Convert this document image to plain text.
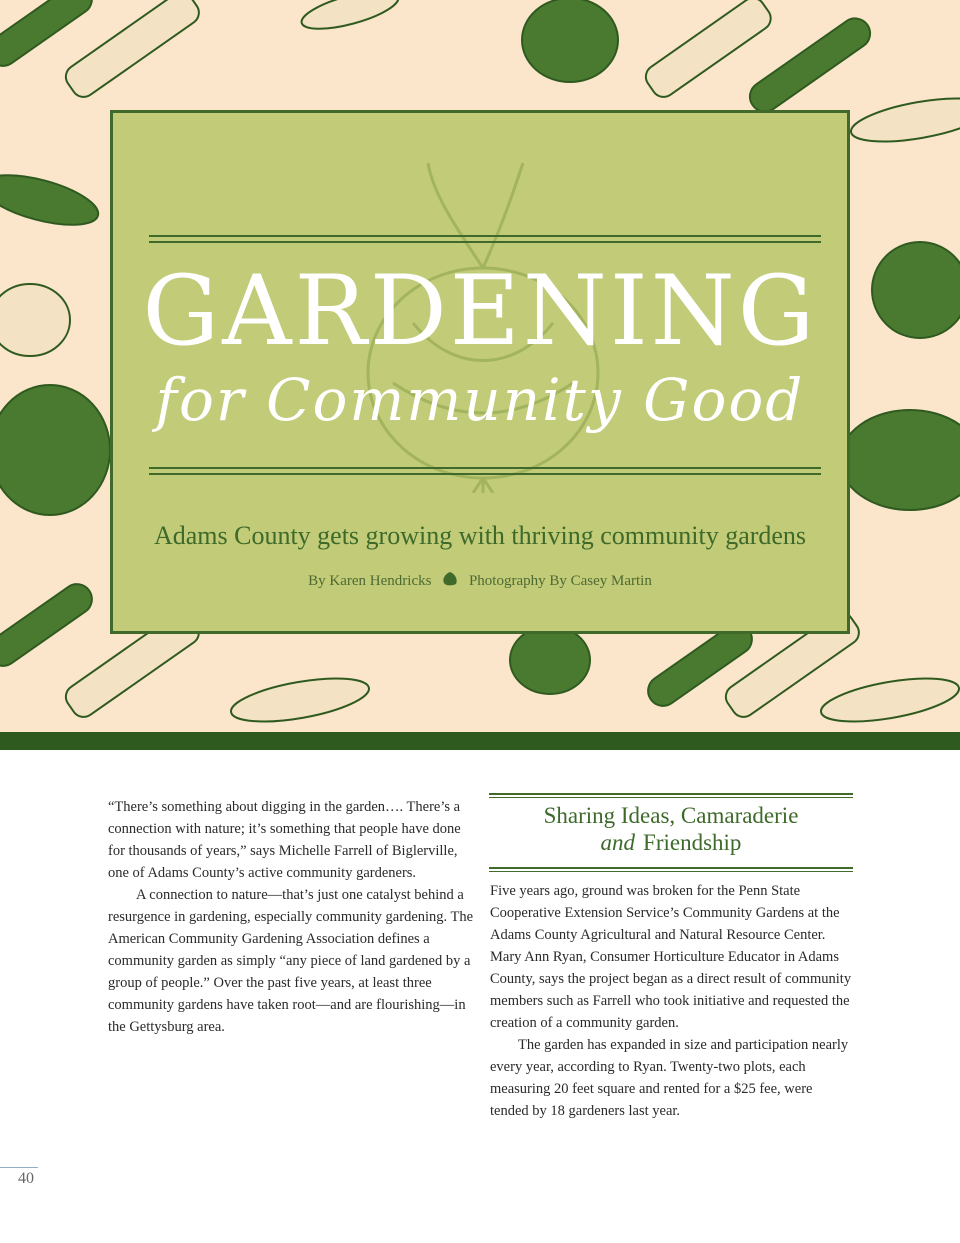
GARDENING
for Community Good
Adams County gets growing with thriving community gardens
By Karen Hendricks	Photography By Casey Martin

“There’s something about digging in the garden…. There’s a connection with nature; it’s something that people have done for thousands of years,” says Michelle Farrell of Biglerville, one of Adams County’s active community gardeners.

A connection to nature—that’s just one catalyst behind a resurgence in gardening, especially community gardening. The American Community Gardening Association defines a community garden as simply “any piece of land gardened by a group of people.” Over the past five years, at least three community gardens have taken root—and are flourishing—in the Gettysburg area.

Sharing Ideas, Camaraderie
and Friendship

Five years ago, ground was broken for the Penn State Cooperative Extension Service’s Community Gardens at the Adams County Agricultural and Natural Resource Center. Mary Ann Ryan, Consumer Horticulture Educator in Adams County, says the project began as a direct result of community members such as Farrell who took initiative and requested the creation of a community garden.

The garden has expanded in size and participation nearly every year, according to Ryan. Twenty-two plots, each measuring 20 feet square and rented for a $25 fee, were tended by 18 gardeners last year.

40
